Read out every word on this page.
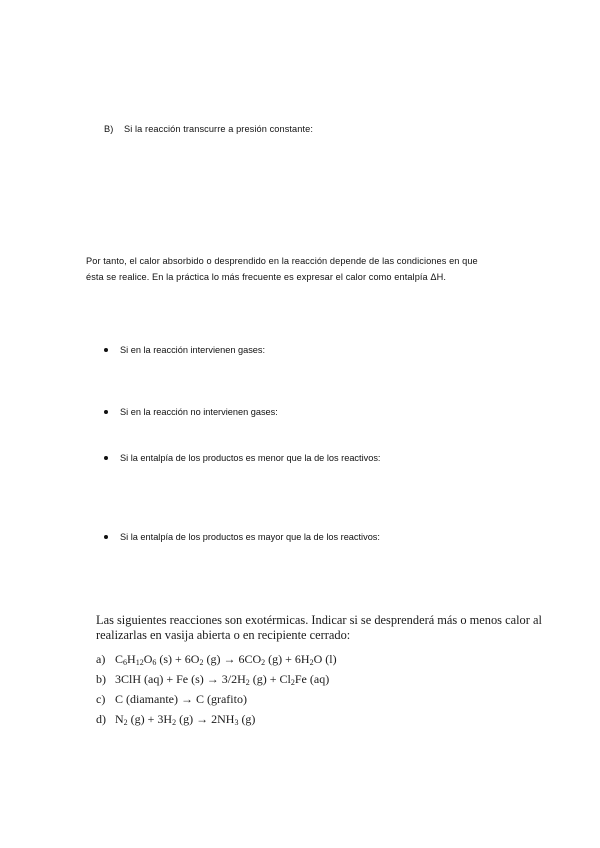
B) Si la reacción transcurre a presión constante:
Por tanto, el calor absorbido o desprendido en la reacción depende de las condiciones en que
ésta se realice. En la práctica lo más frecuente es expresar el calor como entalpía ΔH.
Si en la reacción intervienen gases:
Si en la reacción no intervienen gases:
Si la entalpía de los productos es menor que la de los reactivos:
Si la entalpía de los productos es mayor que la de los reactivos:
Las siguientes reacciones son exotérmicas. Indicar si se desprenderá más o menos calor al
realizarlas en vasija abierta o en recipiente cerrado:
a) $C_6H_{12}O_6$ $(s) + 6O_2$ $(g) \to 6CO_2$ $(g) + 6H_2O$ (l)
b) 3ClH (aq) + Fe $(s) \to 3/2H_2$ $(g) + Cl_2Fe$ (aq)
c) C (diamante) → C (grafito)
d) $N_2$ $(g) + 3H_2$ $(g) \to 2NH_3$ (g)
